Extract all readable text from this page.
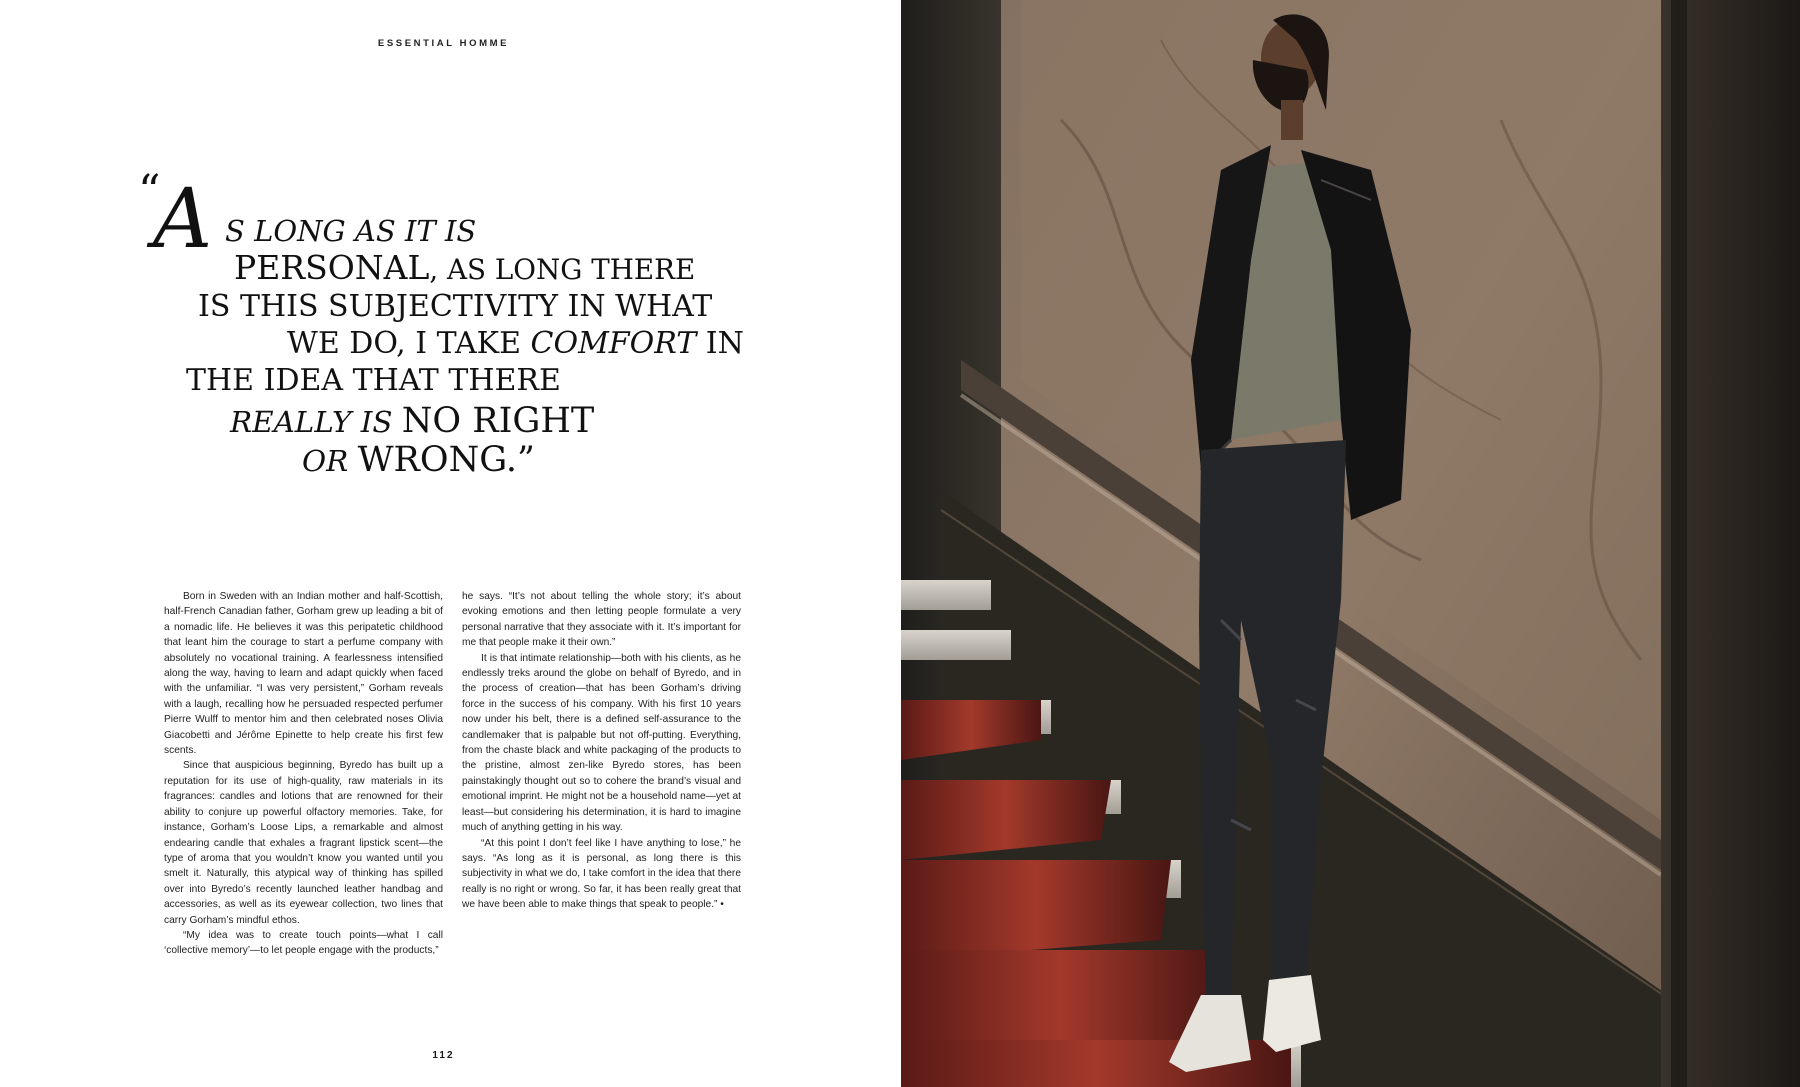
ESSENTIAL HOMME
“
A S LONG AS IT IS
PERSONAL, AS LONG THERE
IS THIS SUBJECTIVITY IN WHAT
WE DO, I TAKE COMFORT IN
THE IDEA THAT THERE
REALLY IS NO RIGHT
OR WRONG.”

Born in Sweden with an Indian mother and half-Scottish, half-French Canadian father, Gorham grew up leading a bit of a nomadic life. He believes it was this peripatetic childhood that leant him the courage to start a perfume company with absolutely no vocational training. A fearlessness intensified along the way, having to learn and adapt quickly when faced with the unfamiliar. “I was very persistent,” Gorham reveals with a laugh, recalling how he persuaded respected perfumer Pierre Wulff to mentor him and then celebrated noses Olivia Giacobetti and Jérôme Epinette to help create his first few scents.

Since that auspicious beginning, Byredo has built up a reputation for its use of high-quality, raw materials in its fragrances: candles and lotions that are renowned for their ability to conjure up powerful olfactory memories. Take, for instance, Gorham’s Loose Lips, a remarkable and almost endearing candle that exhales a fragrant lipstick scent—the type of aroma that you wouldn’t know you wanted until you smelt it. Naturally, this atypical way of thinking has spilled over into Byredo’s recently launched leather handbag and accessories, as well as its eyewear collection, two lines that carry Gorham’s mindful ethos.

“My idea was to create touch points—what I call ‘collective memory’—to let people engage with the products,”

he says. “It’s not about telling the whole story; it’s about evoking emotions and then letting people formulate a very personal narrative that they associate with it. It’s important for me that people make it their own.”

It is that intimate relationship—both with his clients, as he endlessly treks around the globe on behalf of Byredo, and in the process of creation—that has been Gorham’s driving force in the success of his company. With his first 10 years now under his belt, there is a defined self-assurance to the candlemaker that is palpable but not off-putting. Everything, from the chaste black and white packaging of the products to the pristine, almost zen-like Byredo stores, has been painstakingly thought out so to cohere the brand’s visual and emotional imprint. He might not be a household name—yet at least—but considering his determination, it is hard to imagine much of anything getting in his way.

“At this point I don’t feel like I have anything to lose,” he says. “As long as it is personal, as long there is this subjectivity in what we do, I take comfort in the idea that there really is no right or wrong. So far, it has been really great that we have been able to make things that speak to people.” •

112
